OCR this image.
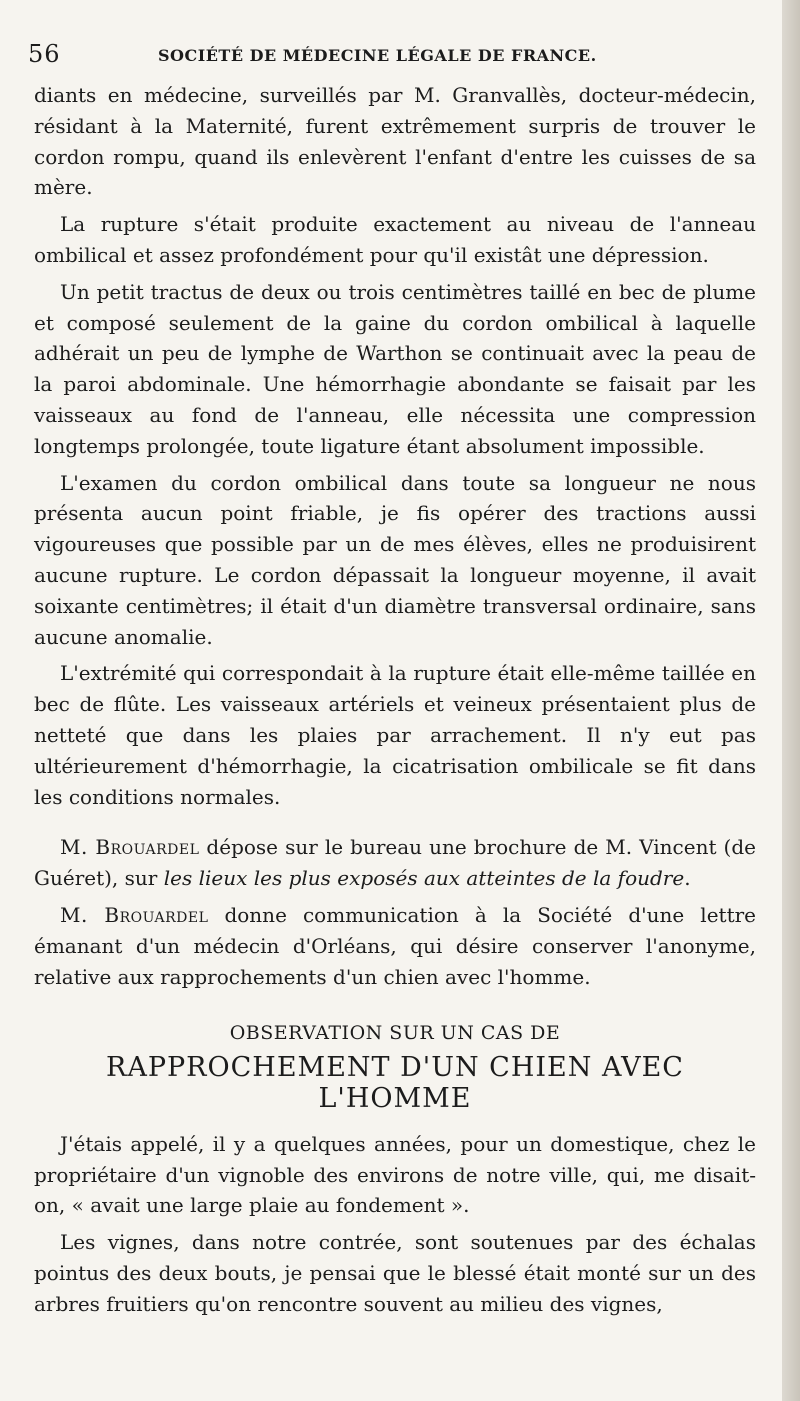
56	SOCIÉTÉ DE MÉDECINE LÉGALE DE FRANCE.

diants en médecine, surveillés par M. Granvallès, docteur-médecin, résidant à la Maternité, furent extrêmement surpris de trouver le cordon rompu, quand ils enlevèrent l'enfant d'entre les cuisses de sa mère.

La rupture s'était produite exactement au niveau de l'anneau ombilical et assez profondément pour qu'il existât une dépression.

Un petit tractus de deux ou trois centimètres taillé en bec de plume et composé seulement de la gaine du cordon ombilical à laquelle adhérait un peu de lymphe de Warthon se continuait avec la peau de la paroi abdominale. Une hémorrhagie abondante se faisait par les vaisseaux au fond de l'anneau, elle nécessita une compression longtemps prolongée, toute ligature étant absolument impossible.

L'examen du cordon ombilical dans toute sa longueur ne nous présenta aucun point friable, je fis opérer des tractions aussi vigoureuses que possible par un de mes élèves, elles ne produisirent aucune rupture. Le cordon dépassait la longueur moyenne, il avait soixante centimètres; il était d'un diamètre transversal ordinaire, sans aucune anomalie.

L'extrémité qui correspondait à la rupture était elle-même taillée en bec de flûte. Les vaisseaux artériels et veineux présentaient plus de netteté que dans les plaies par arrachement. Il n'y eut pas ultérieurement d'hémorrhagie, la cicatrisation ombilicale se fit dans les conditions normales.

M. Brouardel dépose sur le bureau une brochure de M. Vincent (de Guéret), sur les lieux les plus exposés aux atteintes de la foudre.

M. Brouardel donne communication à la Société d'une lettre émanant d'un médecin d'Orléans, qui désire conserver l'anonyme, relative aux rapprochements d'un chien avec l'homme.

OBSERVATION SUR UN CAS DE
RAPPROCHEMENT D'UN CHIEN AVEC L'HOMME

J'étais appelé, il y a quelques années, pour un domestique, chez le propriétaire d'un vignoble des environs de notre ville, qui, me disait-on, « avait une large plaie au fondement ».

Les vignes, dans notre contrée, sont soutenues par des échalas pointus des deux bouts, je pensai que le blessé était monté sur un des arbres fruitiers qu'on rencontre souvent au milieu des vignes,
